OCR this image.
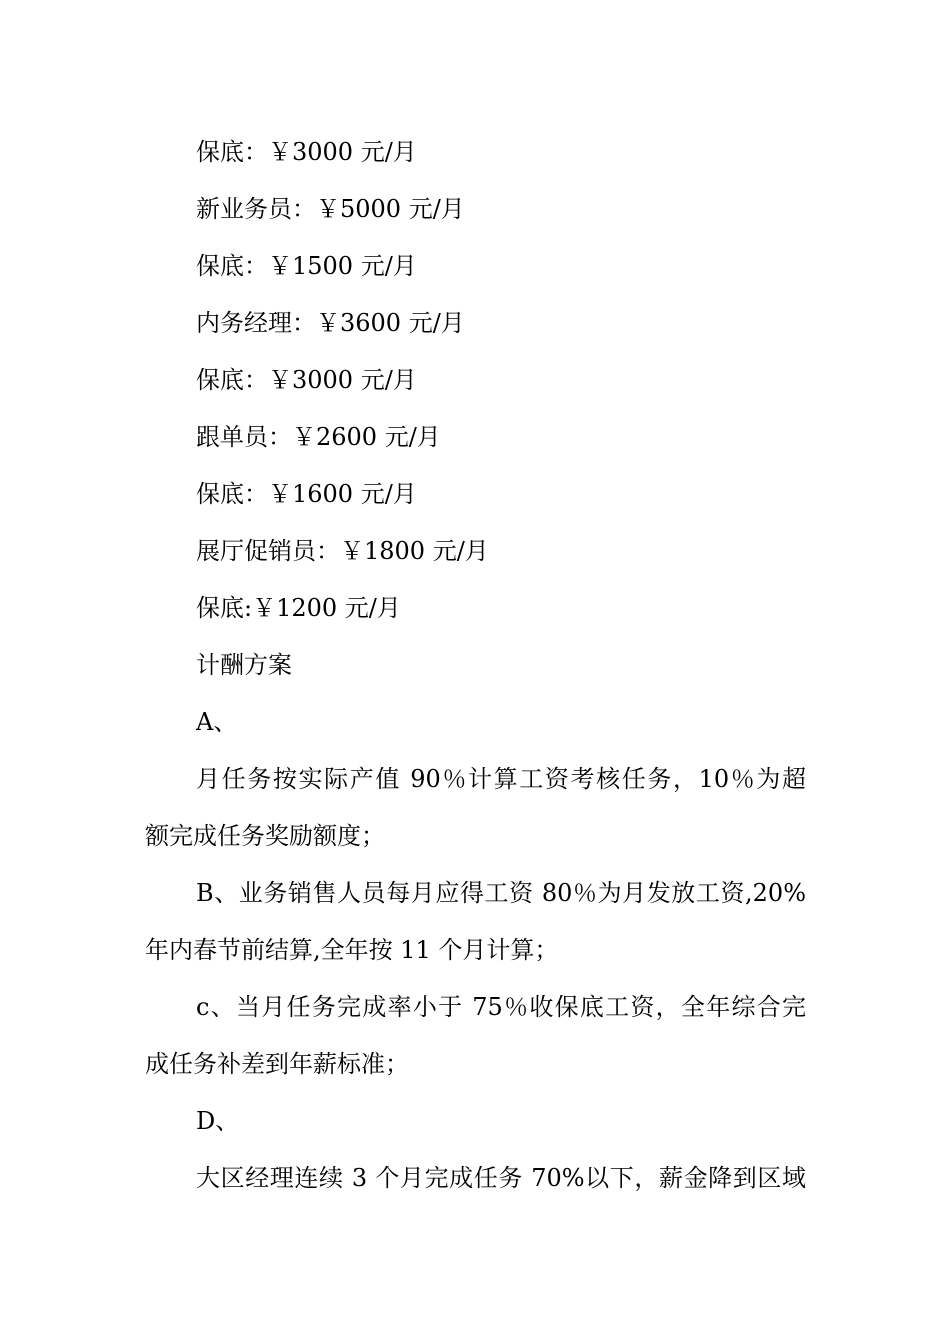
保底：￥3000 元/月
新业务员：￥5000 元/月
保底：￥1500 元/月
内务经理：￥3600 元/月
保底：￥3000 元/月
跟单员：￥2600 元/月
保底：￥1600 元/月
展厅促销员：￥1800 元/月
保底:￥1200 元/月
计酬方案
A、
月任务按实际产值 90％计算工资考核任务，10％为超
额完成任务奖励额度；
B、业务销售人员每月应得工资 80％为月发放工资,20%
年内春节前结算,全年按 11 个月计算；
c、当月任务完成率小于 75％收保底工资，全年综合完
成任务补差到年薪标准；
D、
大区经理连续 3 个月完成任务 70%以下，薪金降到区域
